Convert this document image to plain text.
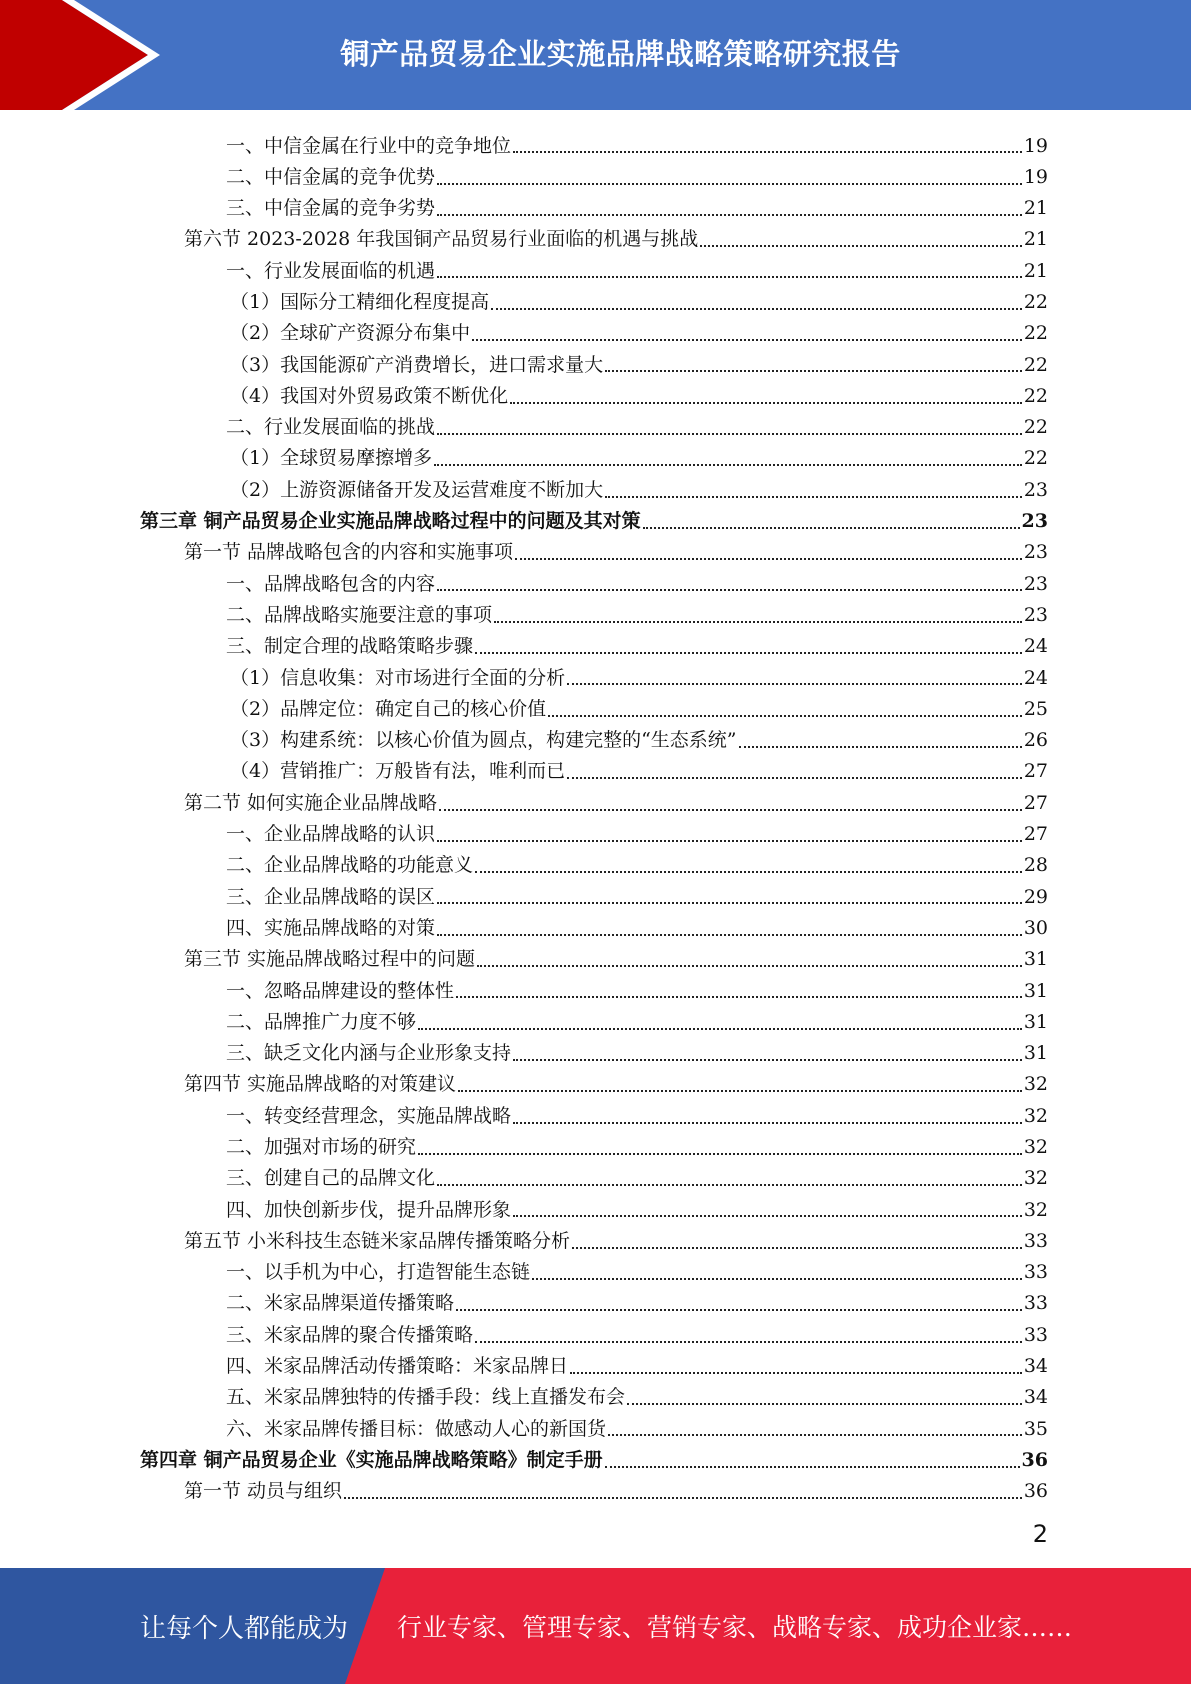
铜产品贸易企业实施品牌战略策略研究报告
一、中信金属在行业中的竞争地位	19
二、中信金属的竞争优势	19
三、中信金属的竞争劣势	21
第六节 2023-2028 年我国铜产品贸易行业面临的机遇与挑战	21
一、行业发展面临的机遇	21
（1）国际分工精细化程度提高	22
（2）全球矿产资源分布集中	22
（3）我国能源矿产消费增长，进口需求量大	22
（4）我国对外贸易政策不断优化	22
二、行业发展面临的挑战	22
（1）全球贸易摩擦增多	22
（2）上游资源储备开发及运营难度不断加大	23
第三章 铜产品贸易企业实施品牌战略过程中的问题及其对策	23
第一节 品牌战略包含的内容和实施事项	23
一、品牌战略包含的内容	23
二、品牌战略实施要注意的事项	23
三、制定合理的战略策略步骤	24
（1）信息收集：对市场进行全面的分析	24
（2）品牌定位：确定自己的核心价值	25
（3）构建系统：以核心价值为圆点，构建完整的“生态系统”	26
（4）营销推广：万般皆有法，唯利而已	27
第二节 如何实施企业品牌战略	27
一、企业品牌战略的认识	27
二、企业品牌战略的功能意义	28
三、企业品牌战略的误区	29
四、实施品牌战略的对策	30
第三节 实施品牌战略过程中的问题	31
一、忽略品牌建设的整体性	31
二、品牌推广力度不够	31
三、缺乏文化内涵与企业形象支持	31
第四节 实施品牌战略的对策建议	32
一、转变经营理念，实施品牌战略	32
二、加强对市场的研究	32
三、创建自己的品牌文化	32
四、加快创新步伐，提升品牌形象	32
第五节 小米科技生态链米家品牌传播策略分析	33
一、以手机为中心，打造智能生态链	33
二、米家品牌渠道传播策略	33
三、米家品牌的聚合传播策略	33
四、米家品牌活动传播策略：米家品牌日	34
五、米家品牌独特的传播手段：线上直播发布会	34
六、米家品牌传播目标：做感动人心的新国货	35
第四章 铜产品贸易企业《实施品牌战略策略》制定手册	36
第一节 动员与组织	36
2
让每个人都能成为 行业专家、管理专家、营销专家、战略专家、成功企业家……
